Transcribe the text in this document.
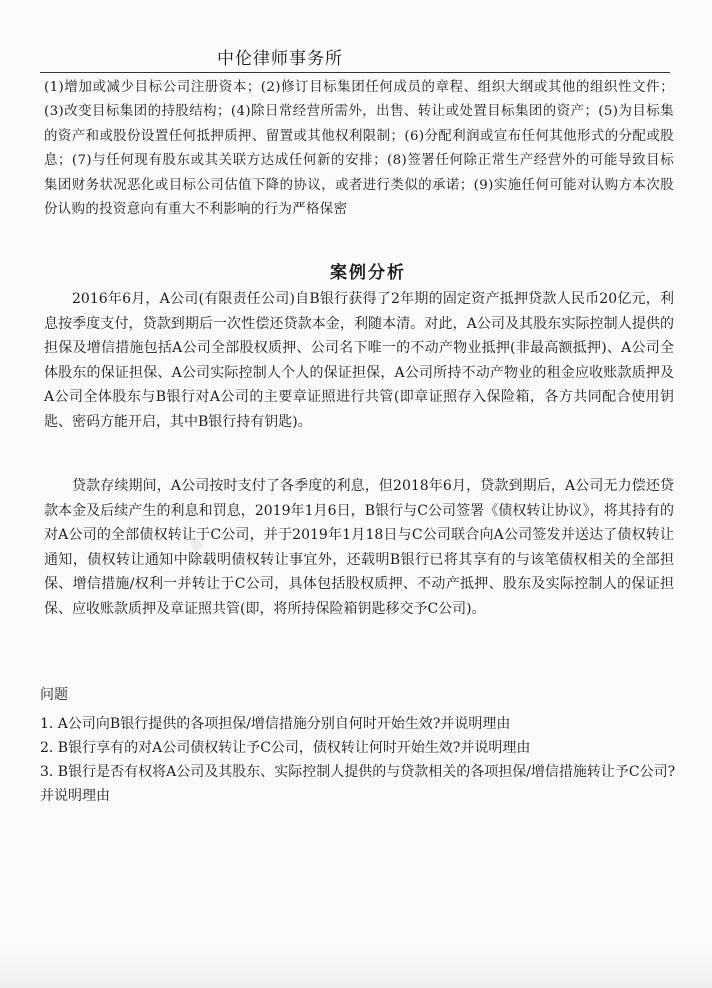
中伦律师事务所
(1)增加或减少目标公司注册资本；(2)修订目标集团任何成员的章程、组织大纲或其他的组织性文件；(3)改变目标集团的持股结构；(4)除日常经营所需外，出售、转让或处置目标集团的资产；(5)为目标集的资产和或股份设置任何抵押质押、留置或其他权利限制；(6)分配利润或宣布任何其他形式的分配或股息；(7)与任何现有股东或其关联方达成任何新的安排；(8)签署任何除正常生产经营外的可能导致目标集团财务状况恶化或目标公司估值下降的协议，或者进行类似的承诺；(9)实施任何可能对认购方本次股份认购的投资意向有重大不利影响的行为严格保密
案例分析
2016年6月，A公司(有限责任公司)自B银行获得了2年期的固定资产抵押贷款人民币20亿元，利息按季度支付，贷款到期后一次性偿还贷款本金，利随本清。对此，A公司及其股东实际控制人提供的担保及增信措施包括A公司全部股权质押、公司名下唯一的不动产物业抵押(非最高额抵押)、A公司全体股东的保证担保、A公司实际控制人个人的保证担保，A公司所持不动产物业的租金应收账款质押及A公司全体股东与B银行对A公司的主要章证照进行共管(即章证照存入保险箱，各方共同配合使用钥匙、密码方能开启，其中B银行持有钥匙)。
贷款存续期间，A公司按时支付了各季度的利息，但2018年6月，贷款到期后，A公司无力偿还贷款本金及后续产生的利息和罚息，2019年1月6日，B银行与C公司签署《债权转让协议》，将其持有的对A公司的全部债权转让于C公司，并于2019年1月18日与C公司联合向A公司签发并送达了债权转让通知，债权转让通知中除载明债权转让事宜外，还载明B银行已将其享有的与该笔债权相关的全部担保、增信措施/权利一并转让于C公司，具体包括股权质押、不动产抵押、股东及实际控制人的保证担保、应收账款质押及章证照共管(即，将所持保险箱钥匙移交予C公司)。
问题

1. A公司向B银行提供的各项担保/增信措施分别自何时开始生效?并说明理由

2. B银行享有的对A公司债权转让予C公司，债权转让何时开始生效?并说明理由

3. B银行是否有权将A公司及其股东、实际控制人提供的与贷款相关的各项担保/增信措施转让予C公司?并说明理由

· · ·
